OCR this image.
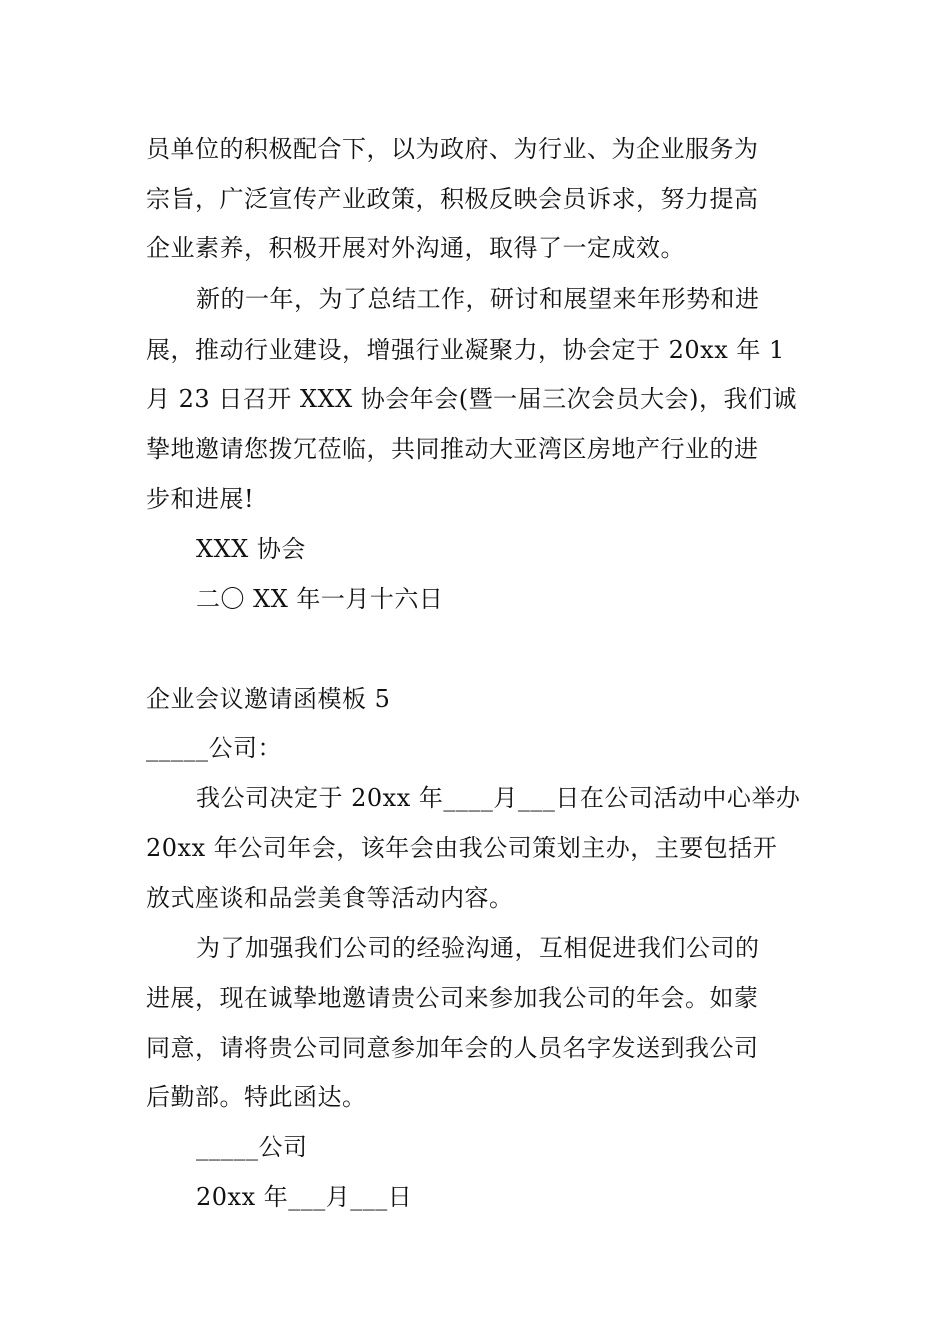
员单位的积极配合下，以为政府、为行业、为企业服务为
宗旨，广泛宣传产业政策，积极反映会员诉求，努力提高
企业素养，积极开展对外沟通，取得了一定成效。
新的一年，为了总结工作，研讨和展望来年形势和进
展，推动行业建设，增强行业凝聚力，协会定于 20xx 年 1
月 23 日召开 XXX 协会年会(暨一届三次会员大会)，我们诚
挚地邀请您拨冗莅临，共同推动大亚湾区房地产行业的进
步和进展!
XXX 协会
二〇 XX 年一月十六日
企业会议邀请函模板 5
_____公司：
我公司决定于 20xx 年____月___日在公司活动中心举办
20xx 年公司年会，该年会由我公司策划主办，主要包括开
放式座谈和品尝美食等活动内容。
为了加强我们公司的经验沟通，互相促进我们公司的
进展，现在诚挚地邀请贵公司来参加我公司的年会。如蒙
同意，请将贵公司同意参加年会的人员名字发送到我公司
后勤部。特此函达。
_____公司
20xx 年___月___日
